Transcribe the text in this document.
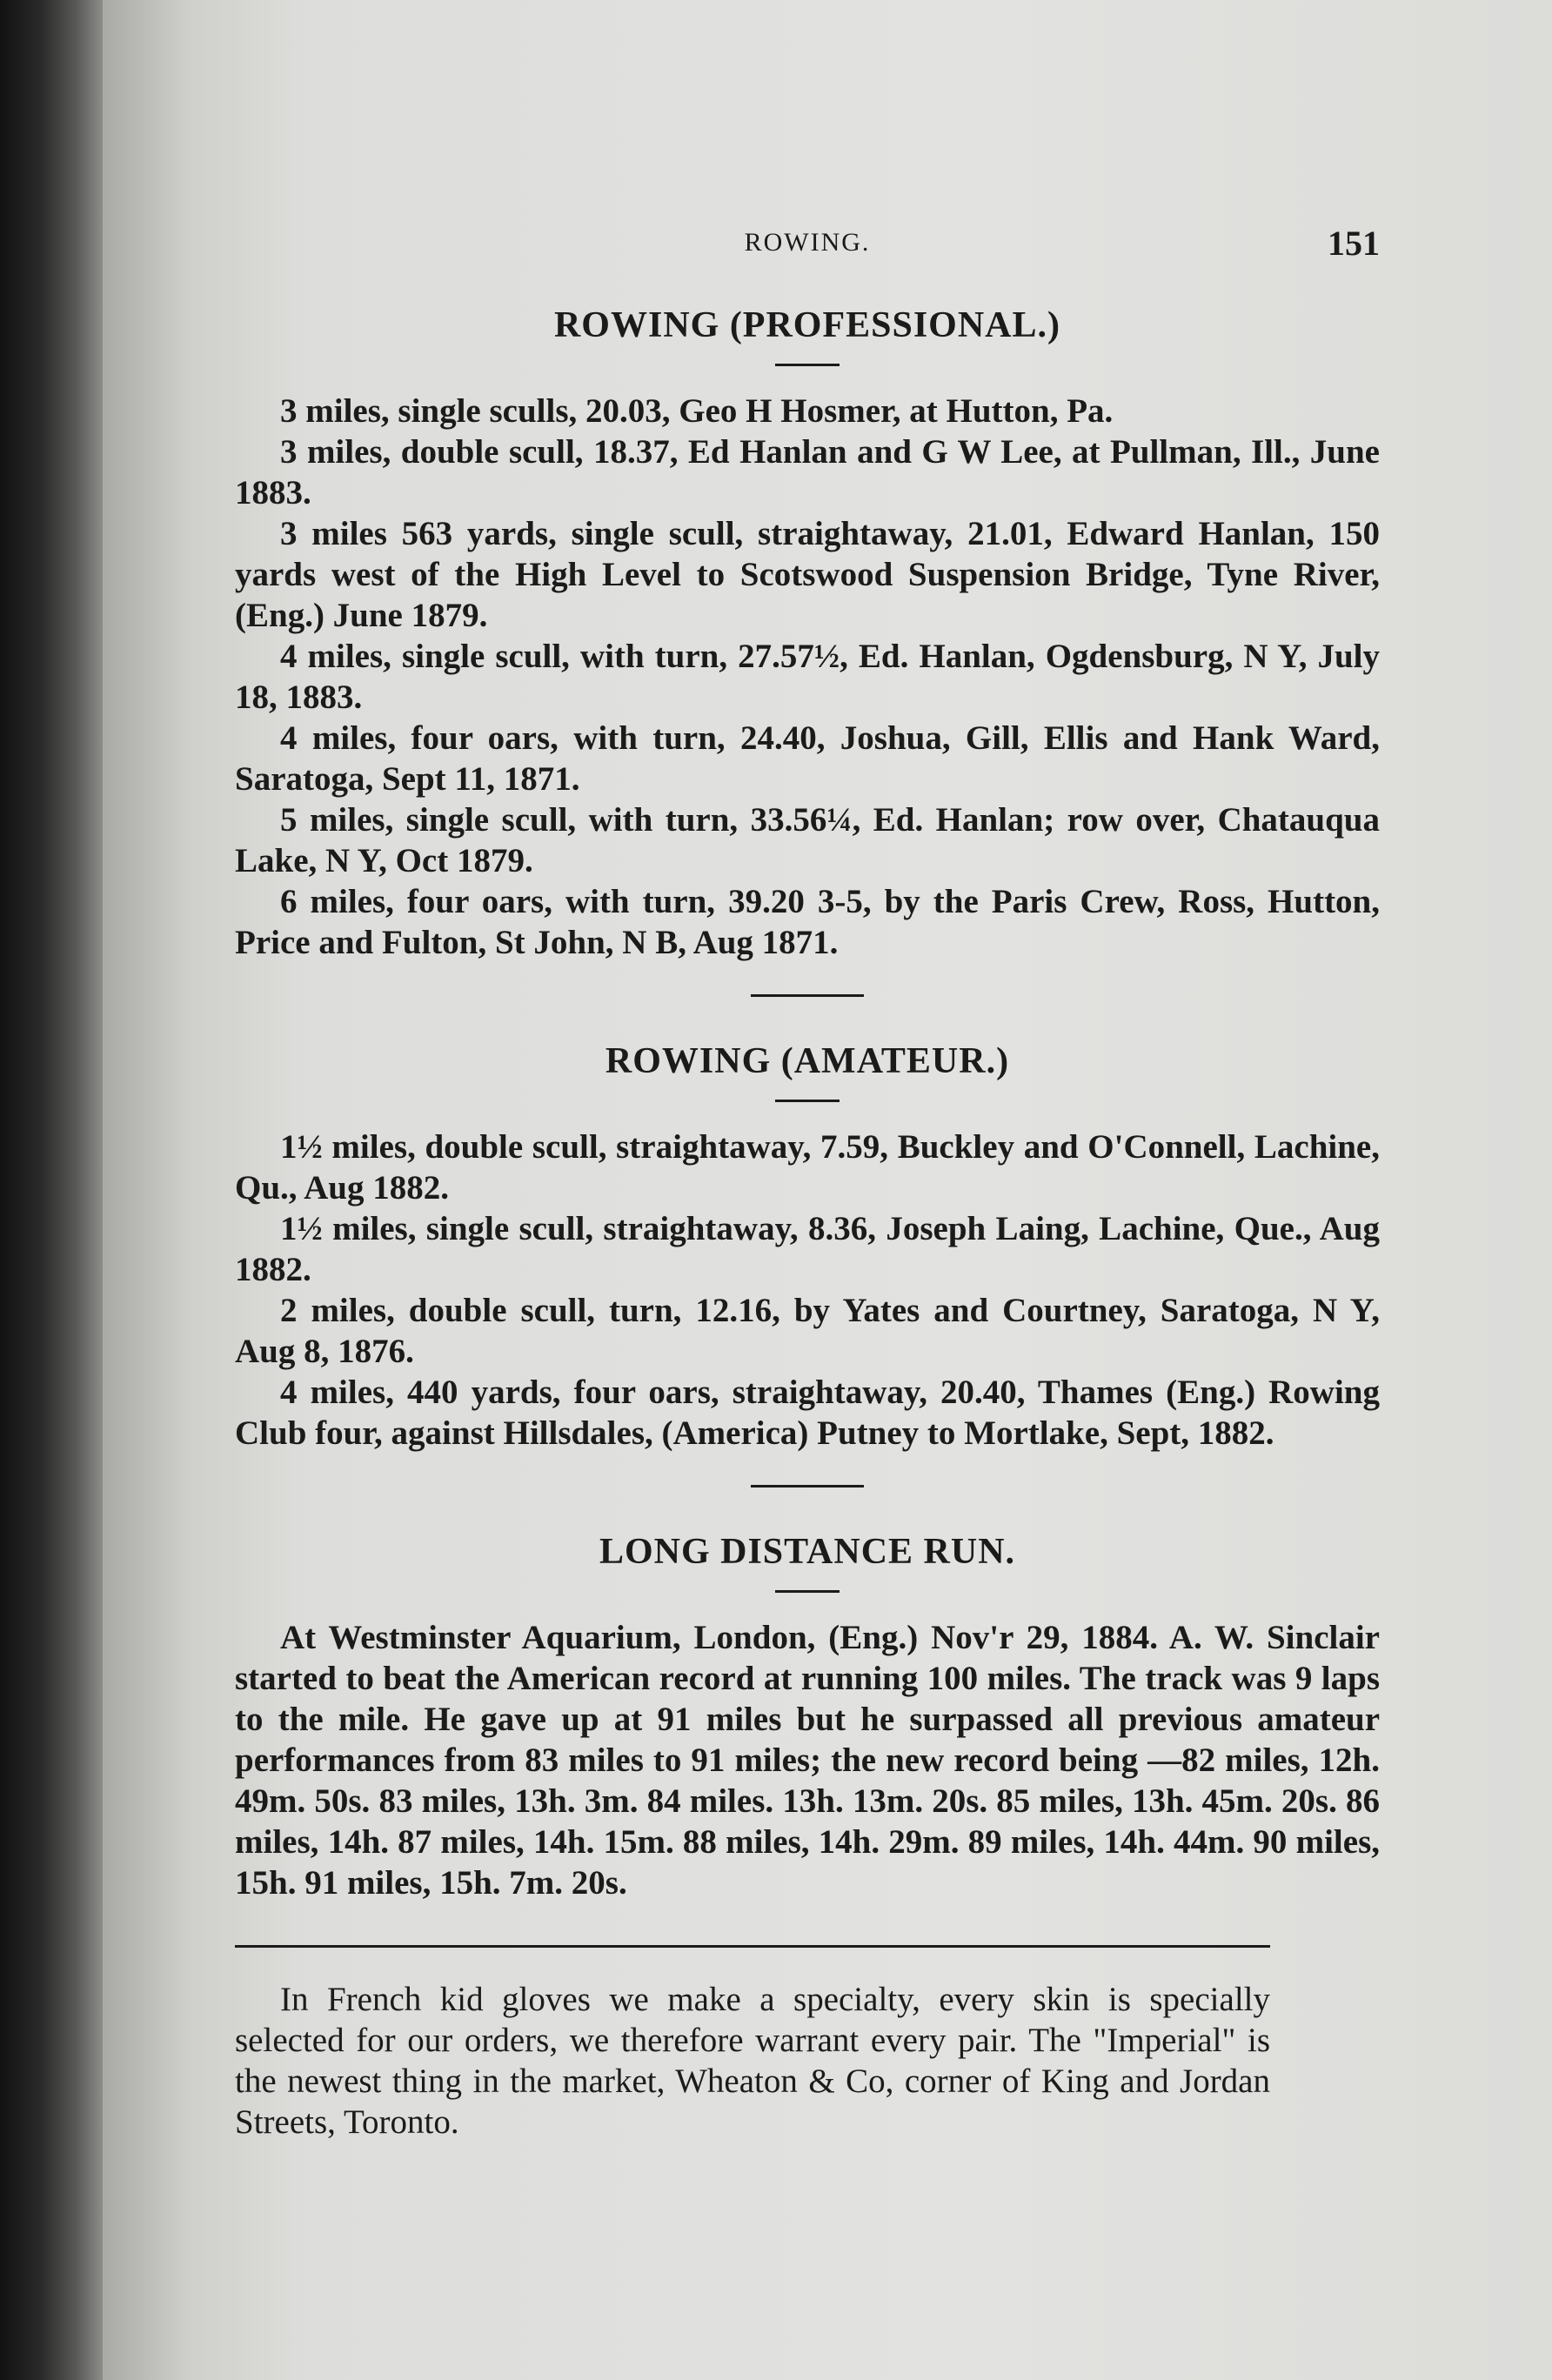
ROWING.	151
ROWING (PROFESSIONAL.)

3 miles, single sculls, 20.03, Geo H Hosmer, at Hutton, Pa.

3 miles, double scull, 18.37, Ed Hanlan and G W Lee, at Pullman, Ill., June 1883.

3 miles 563 yards, single scull, straightaway, 21.01, Edward Hanlan, 150 yards west of the High Level to Scotswood Suspension Bridge, Tyne River, (Eng.) June 1879.

4 miles, single scull, with turn, 27.57½, Ed. Hanlan, Ogdensburg, N Y, July 18, 1883.

4 miles, four oars, with turn, 24.40, Joshua, Gill, Ellis and Hank Ward, Saratoga, Sept 11, 1871.

5 miles, single scull, with turn, 33.56¼, Ed. Hanlan; row over, Chatauqua Lake, N Y, Oct 1879.

6 miles, four oars, with turn, 39.20 3-5, by the Paris Crew, Ross, Hutton, Price and Fulton, St John, N B, Aug 1871.

ROWING (AMATEUR.)

1½ miles, double scull, straightaway, 7.59, Buckley and O'Connell, Lachine, Qu., Aug 1882.

1½ miles, single scull, straightaway, 8.36, Joseph Laing, Lachine, Que., Aug 1882.

2 miles, double scull, turn, 12.16, by Yates and Courtney, Saratoga, N Y, Aug 8, 1876.

4 miles, 440 yards, four oars, straightaway, 20.40, Thames (Eng.) Rowing Club four, against Hillsdales, (America) Putney to Mortlake, Sept, 1882.

LONG DISTANCE RUN.

At Westminster Aquarium, London, (Eng.) Nov'r 29, 1884. A. W. Sinclair started to beat the American record at running 100 miles. The track was 9 laps to the mile. He gave up at 91 miles but he surpassed all previous amateur performances from 83 miles to 91 miles; the new record being —82 miles, 12h. 49m. 50s. 83 miles, 13h. 3m. 84 miles. 13h. 13m. 20s. 85 miles, 13h. 45m. 20s. 86 miles, 14h. 87 miles, 14h. 15m. 88 miles, 14h. 29m. 89 miles, 14h. 44m. 90 miles, 15h. 91 miles, 15h. 7m. 20s.

In French kid gloves we make a specialty, every skin is specially selected for our orders, we therefore warrant every pair. The "Imperial" is the newest thing in the market, Wheaton & Co, corner of King and Jordan Streets, Toronto.
